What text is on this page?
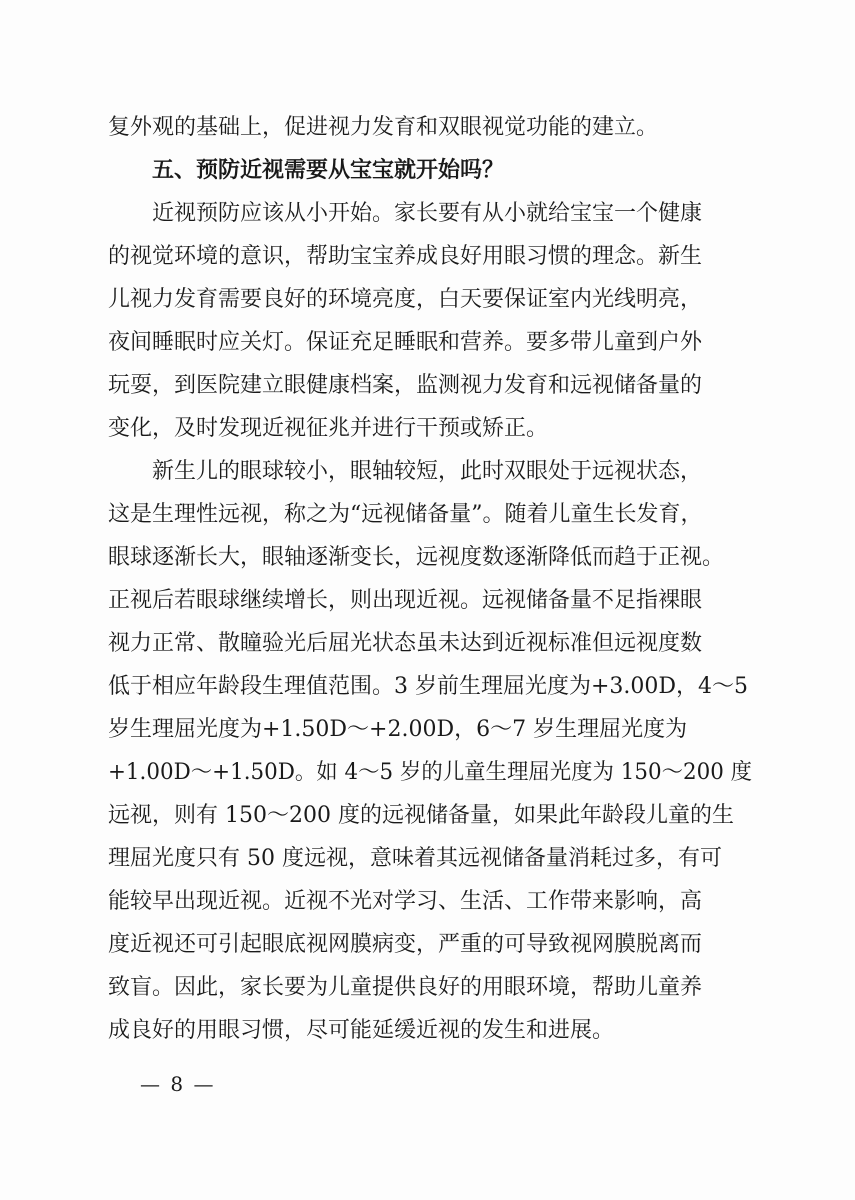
复外观的基础上，促进视力发育和双眼视觉功能的建立。
五、预防近视需要从宝宝就开始吗？
近视预防应该从小开始。家长要有从小就给宝宝一个健康
的视觉环境的意识，帮助宝宝养成良好用眼习惯的理念。新生
儿视力发育需要良好的环境亮度，白天要保证室内光线明亮，
夜间睡眠时应关灯。保证充足睡眠和营养。要多带儿童到户外
玩耍，到医院建立眼健康档案，监测视力发育和远视储备量的
变化，及时发现近视征兆并进行干预或矫正。
新生儿的眼球较小，眼轴较短，此时双眼处于远视状态，
这是生理性远视，称之为“远视储备量”。随着儿童生长发育，
眼球逐渐长大，眼轴逐渐变长，远视度数逐渐降低而趋于正视。
正视后若眼球继续增长，则出现近视。远视储备量不足指裸眼
视力正常、散瞳验光后屈光状态虽未达到近视标准但远视度数
低于相应年龄段生理值范围。3 岁前生理屈光度为+3.00D，4～5
岁生理屈光度为+1.50D～+2.00D，6～7 岁生理屈光度为
+1.00D～+1.50D。如 4～5 岁的儿童生理屈光度为 150～200 度
远视，则有 150～200 度的远视储备量，如果此年龄段儿童的生
理屈光度只有 50 度远视，意味着其远视储备量消耗过多，有可
能较早出现近视。近视不光对学习、生活、工作带来影响，高
度近视还可引起眼底视网膜病变，严重的可导致视网膜脱离而
致盲。因此，家长要为儿童提供良好的用眼环境，帮助儿童养
成良好的用眼习惯，尽可能延缓近视的发生和进展。
— 8 —
